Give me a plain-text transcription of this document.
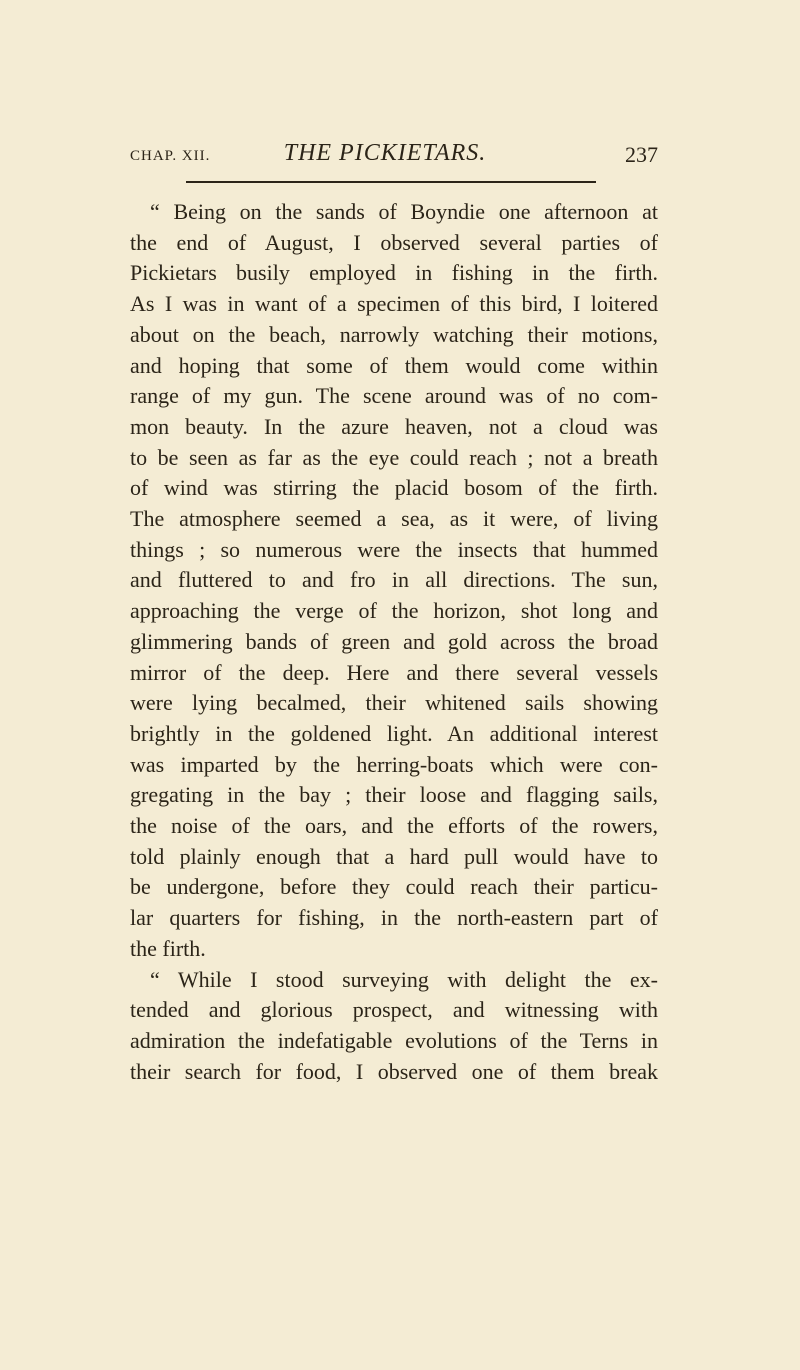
CHAP. XII.	THE PICKIETARS.	237
“ Being on the sands of Boyndie one afternoon at
the end of August, I observed several parties of
Pickietars busily employed in fishing in the firth.
As I was in want of a specimen of this bird, I loitered
about on the beach, narrowly watching their motions,
and hoping that some of them would come within
range of my gun. The scene around was of no com-
mon beauty. In the azure heaven, not a cloud was
to be seen as far as the eye could reach ; not a breath
of wind was stirring the placid bosom of the firth.
The atmosphere seemed a sea, as it were, of living
things ; so numerous were the insects that hummed
and fluttered to and fro in all directions. The sun,
approaching the verge of the horizon, shot long and
glimmering bands of green and gold across the broad
mirror of the deep. Here and there several vessels
were lying becalmed, their whitened sails showing
brightly in the goldened light. An additional interest
was imparted by the herring-boats which were con-
gregating in the bay ; their loose and flagging sails,
the noise of the oars, and the efforts of the rowers,
told plainly enough that a hard pull would have to
be undergone, before they could reach their particu-
lar quarters for fishing, in the north-eastern part of
the firth.
“ While I stood surveying with delight the ex-
tended and glorious prospect, and witnessing with
admiration the indefatigable evolutions of the Terns in
their search for food, I observed one of them break
